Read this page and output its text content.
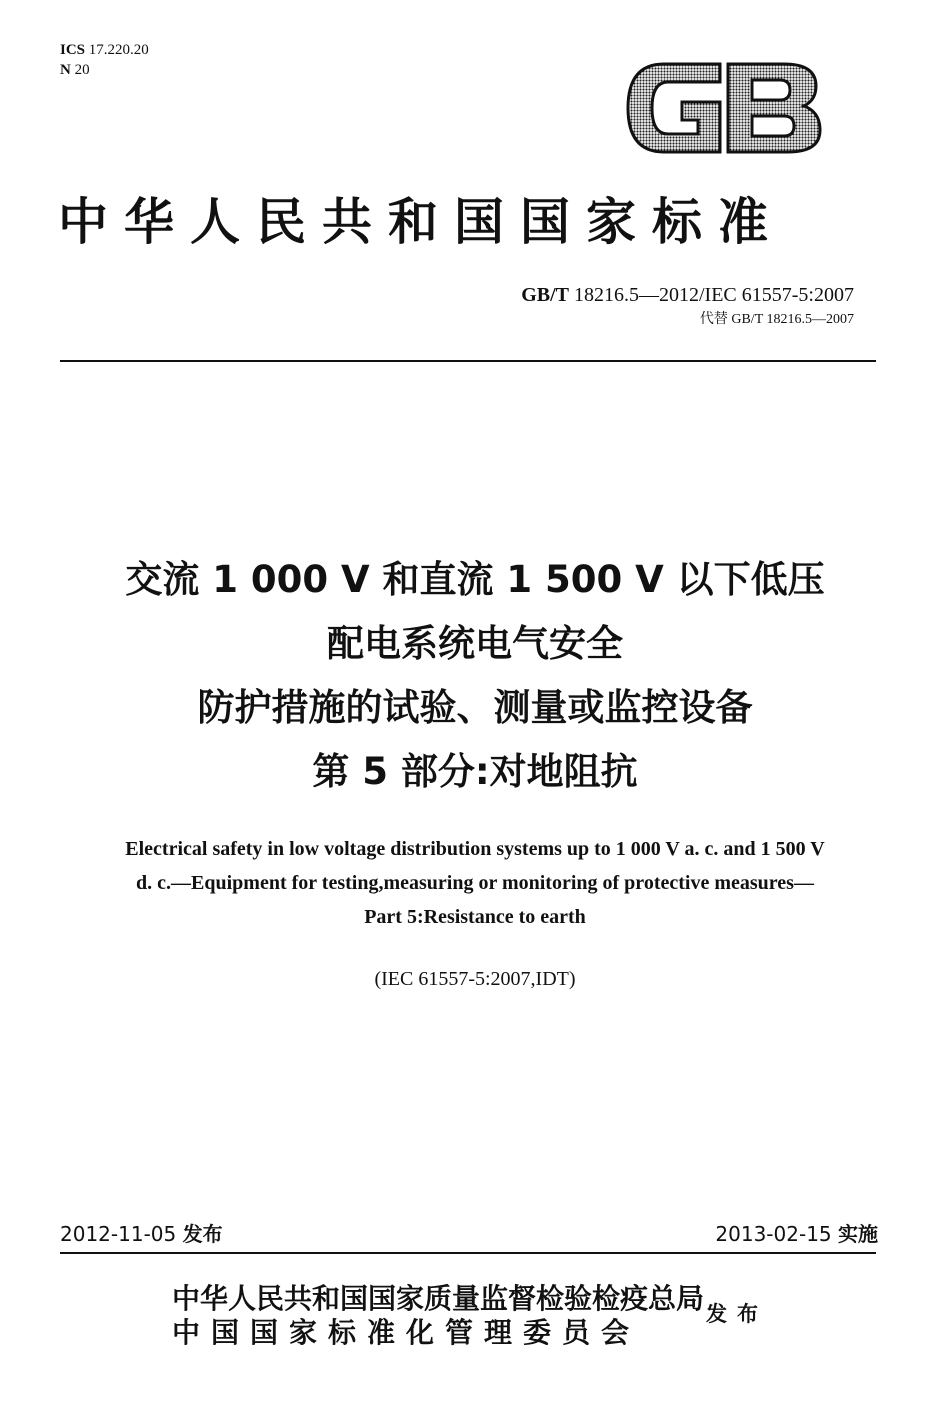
ICS 17.220.20
N 20
中华人民共和国国家标准
GB/T 18216.5—2012/IEC 61557-5:2007
代替 GB/T 18216.5—2007
交流 1 000 V 和直流 1 500 V 以下低压
配电系统电气安全
防护措施的试验、测量或监控设备
第 5 部分:对地阻抗
Electrical safety in low voltage distribution systems up to 1 000 V a. c. and 1 500 V
d. c.—Equipment for testing,measuring or monitoring of protective measures—
Part 5:Resistance to earth
(IEC 61557-5:2007,IDT)
2012-11-05 发布	2013-02-15 实施
中华人民共和国国家质量监督检验检疫总局
中国国家标准化管理委员会
发布
